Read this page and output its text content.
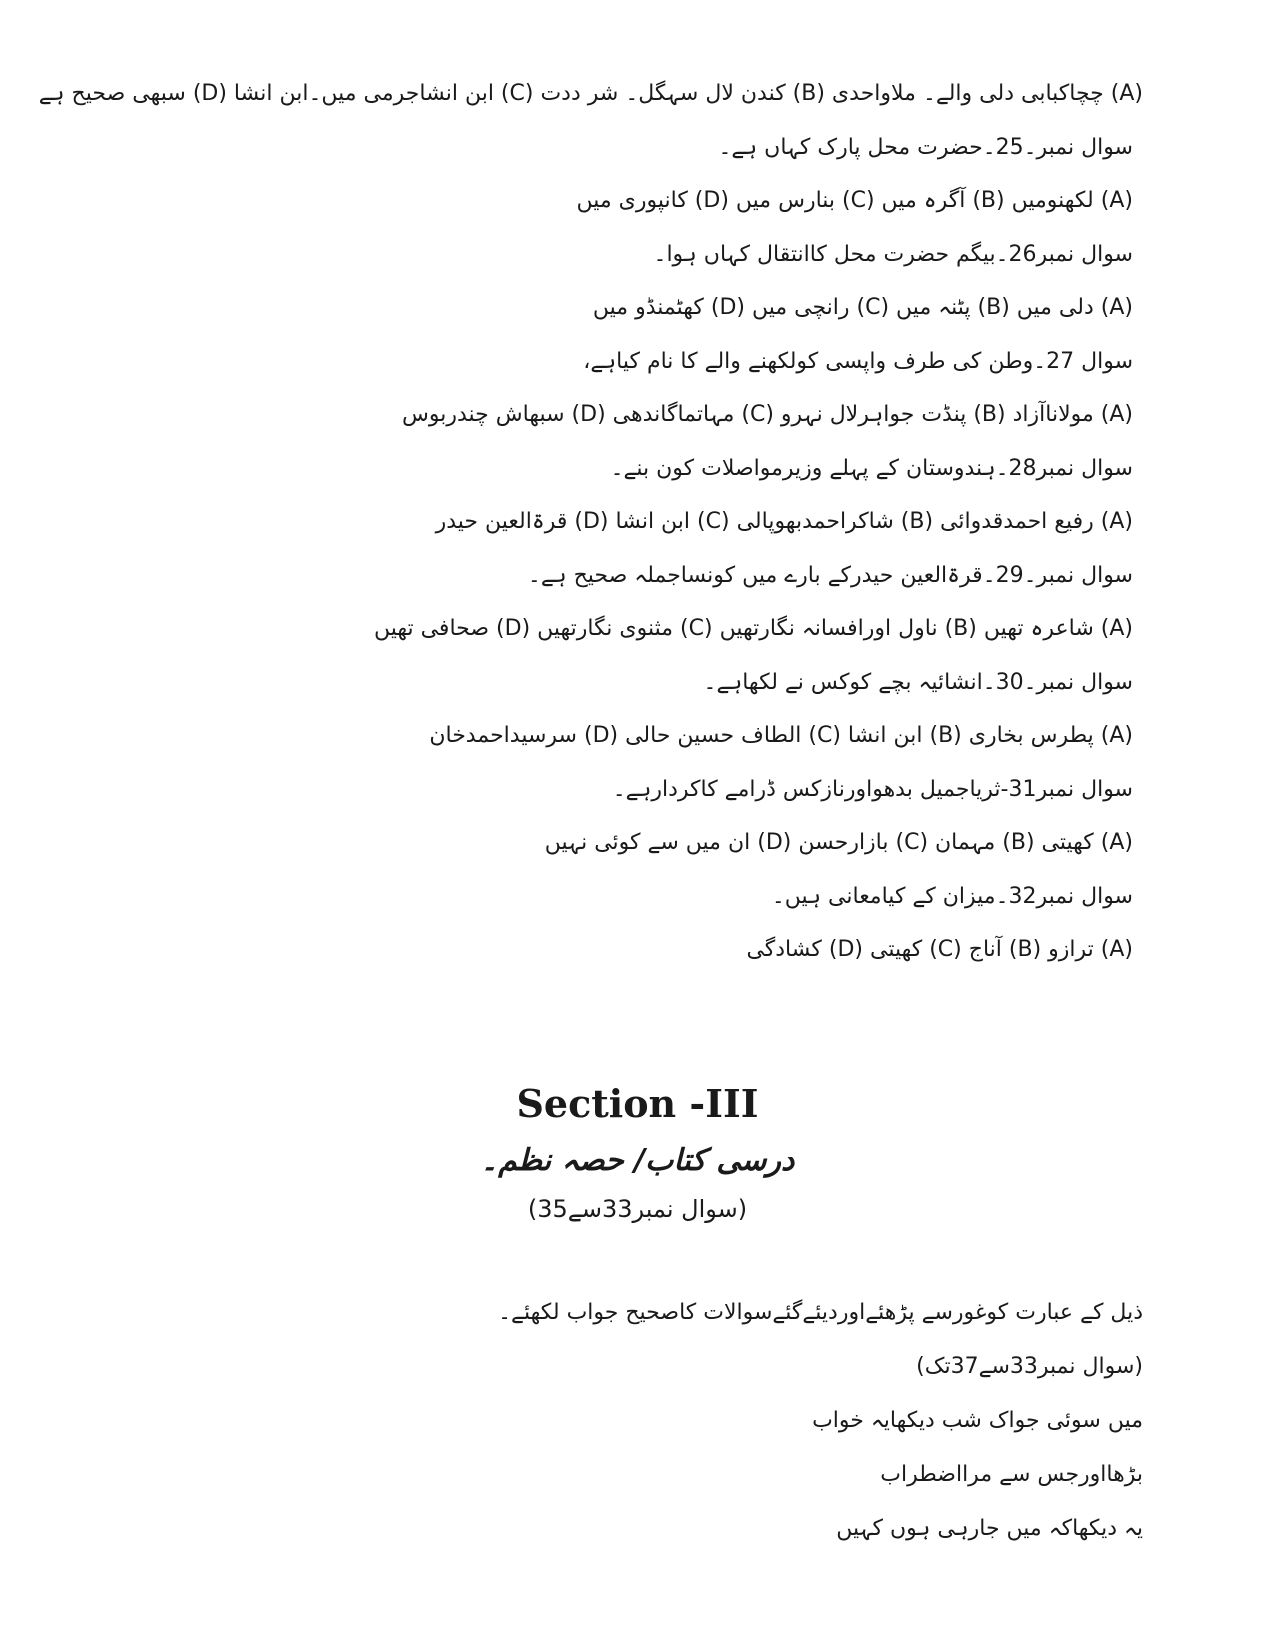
(A) چچاکبابی دلی والے۔ ملاواحدی (B) کندن لال سہگل۔ شر ددت (C) ابن انشاجرمی میں۔ابن انشا (D) سبھی صحیح ہے
سوال نمبر۔25۔حضرت محل پارک کہاں ہے۔
(A) لکھنومیں (B) آگرہ میں (C) بنارس میں (D) کانپوری میں
سوال نمبر26۔بیگم حضرت محل کاانتقال کہاں ہوا۔
(A) دلی میں (B) پٹنہ میں (C) رانچی میں (D) کھٹمنڈو میں
سوال 27۔وطن کی طرف واپسی کولکھنے والے کا نام کیاہے،
(A) مولاناآزاد (B) پنڈت جواہرلال نہرو (C) مہاتماگاندھی (D) سبھاش چندربوس
سوال نمبر28۔ہندوستان کے پہلے وزیرمواصلات کون بنے۔
(A) رفیع احمدقدوائی (B) شاکراحمدبھوپالی (C) ابن انشا (D) قرۃالعین حیدر
سوال نمبر۔29۔قرۃالعین حیدرکے بارے میں کونساجملہ صحیح ہے۔
(A) شاعرہ تھیں (B) ناول اورافسانہ نگارتھیں (C) مثنوی نگارتھیں (D) صحافی تھیں
سوال نمبر۔30۔انشائیہ بچے کوکس نے لکھاہے۔
(A) پطرس بخاری (B) ابن انشا (C) الطاف حسین حالی (D) سرسیداحمدخان
سوال نمبر31-ثریاجمیل بدھواورنازکس ڈرامے کاکردارہے۔
(A) کھیتی (B) مہمان (C) بازارحسن (D) ان میں سے کوئی نہیں
سوال نمبر32۔میزان کے کیامعانی ہیں۔
(A) ترازو (B) آناج (C) کھیتی (D) کشادگی
Section -III
درسی کتاب/ حصہ نظم۔
(سوال نمبر33سے35)
ذیل کے عبارت کوغورسے پڑھئےاوردیئےگئےسوالات کاصحیح جواب لکھئے۔
(سوال نمبر33سے37تک)
میں سوئی جواک شب دیکھایہ خواب
بڑھااورجس سے مرااضطراب
یہ دیکھاکہ میں جارہی ہوں کہیں
